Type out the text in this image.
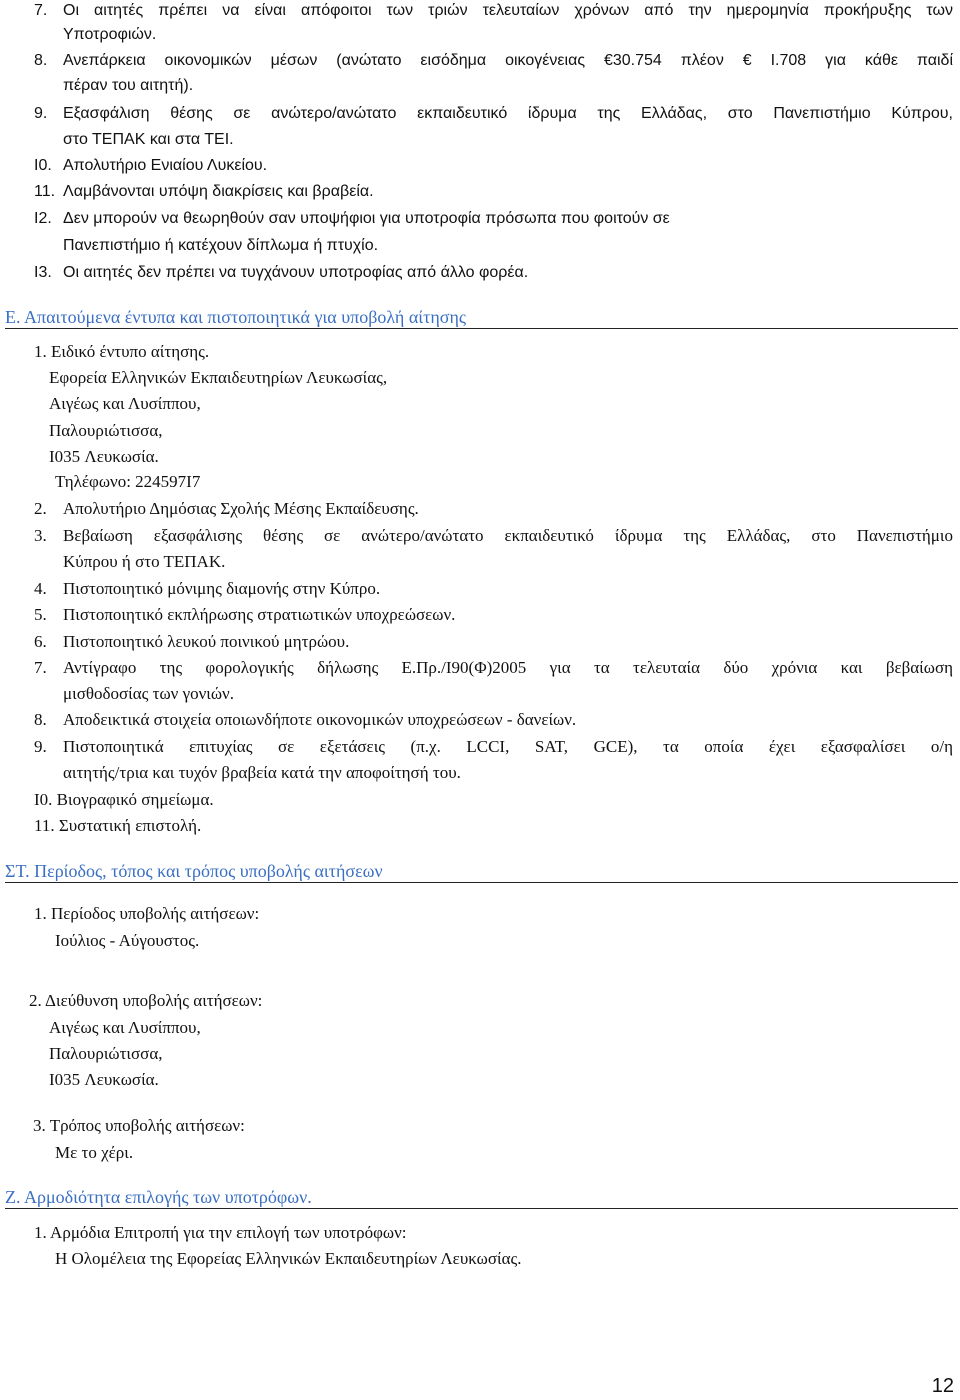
7. Οι αιτητές πρέπει να είναι απόφοιτοι των τριών τελευταίων χρόνων από την ημερομηνία προκήρυξης των
Υποτροφιών.
8. Ανεπάρκεια οικονομικών μέσων (ανώτατο εισόδημα οικογένειας €30.754 πλέον € I.708 για κάθε παιδί
πέραν του αιτητή).
9. Εξασφάλιση θέσης σε ανώτερο/ανώτατο εκπαιδευτικό ίδρυμα της Ελλάδας, στο Πανεπιστήμιο Κύπρου,
στο ΤΕΠΑΚ και στα ΤΕΙ.
I0. Απολυτήριο Ενιαίου Λυκείου.
11. Λαμβάνονται υπόψη διακρίσεις και βραβεία.
I2. Δεν μπορούν να θεωρηθούν σαν υποψήφιοι για υποτροφία πρόσωπα που φοιτούν σε
Πανεπιστήμιο ή κατέχουν δίπλωμα ή πτυχίο.
I3. Οι αιτητές δεν πρέπει να τυγχάνουν υποτροφίας από άλλο φορέα.
Ε. Απαιτούμενα έντυπα και πιστοποιητικά για υποβολή αίτησης
1. Ειδικό έντυπο αίτησης.
Εφορεία Ελληνικών Εκπαιδευτηρίων Λευκωσίας,
Αιγέως και Λυσίππου,
Παλουριώτισσα,
I035 Λευκωσία.
Τηλέφωνο: 224597I7
2. Απολυτήριο Δημόσιας Σχολής Μέσης Εκπαίδευσης.
3. Βεβαίωση εξασφάλισης θέσης σε ανώτερο/ανώτατο εκπαιδευτικό ίδρυμα της Ελλάδας, στο Πανεπιστήμιο
Κύπρου ή στο ΤΕΠΑΚ.
4. Πιστοποιητικό μόνιμης διαμονής στην Κύπρο.
5. Πιστοποιητικό εκπλήρωσης στρατιωτικών υποχρεώσεων.
6. Πιστοποιητικό λευκού ποινικού μητρώου.
7. Αντίγραφο της φορολογικής δήλωσης Ε.Πρ./I90(Φ)2005 για τα τελευταία δύο χρόνια και βεβαίωση
μισθοδοσίας των γονιών.
8. Αποδεικτικά στοιχεία οποιωνδήποτε οικονομικών υποχρεώσεων - δανείων.
9. Πιστοποιητικά επιτυχίας σε εξετάσεις (π.χ. LCCI, SAT, GCE), τα οποία έχει εξασφαλίσει ο/η
αιτητής/τρια και τυχόν βραβεία κατά την αποφοίτησή του.
I0. Βιογραφικό σημείωμα.
11. Συστατική επιστολή.
ΣΤ. Περίοδος, τόπος και τρόπος υποβολής αιτήσεων
1. Περίοδος υποβολής αιτήσεων:
Ιούλιος - Αύγουστος.
2. Διεύθυνση υποβολής αιτήσεων:
Αιγέως και Λυσίππου,
Παλουριώτισσα,
I035 Λευκωσία.
3. Τρόπος υποβολής αιτήσεων:
Με το χέρι.
Ζ. Αρμοδιότητα επιλογής των υποτρόφων.
1. Αρμόδια Επιτροπή για την επιλογή των υποτρόφων:
Η Ολομέλεια της Εφορείας Ελληνικών Εκπαιδευτηρίων Λευκωσίας.
12
